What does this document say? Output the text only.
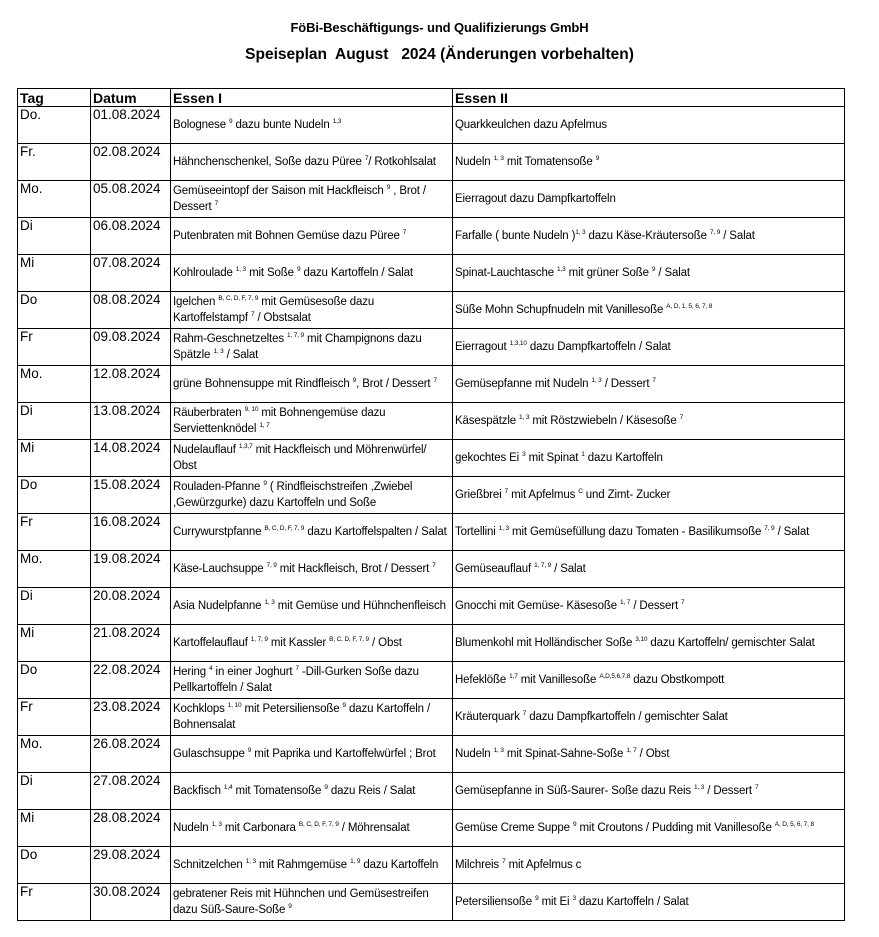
FöBi-Beschäftigungs- und Qualifizierungs GmbH
Speiseplan  August   2024 (Änderungen vorbehalten)
Tag	Datum	Essen I	Essen II
Do.	01.08.2024	Bolognese $^9$ dazu bunte Nudeln $^{1,3}$	Quarkkeulchen dazu Apfelmus
Fr.	02.08.2024	Hähnchenschenkel, Soße dazu Püree $^7$/ Rotkohlsalat	Nudeln $^{1, 3}$ mit Tomatensoße $^9$
Mo.	05.08.2024	Gemüseeintopf der Saison mit Hackfleisch $^9$ , Brot / Dessert $^7$	Eierragout dazu Dampfkartoffeln
Di	06.08.2024	Putenbraten mit Bohnen Gemüse dazu Püree $^7$	Farfalle ( bunte Nudeln )$^{1, 3}$ dazu Käse-Kräutersoße $^{7, 9}$ / Salat
Mi	07.08.2024	Kohlroulade $^{1, 3}$ mit Soße $^9$ dazu Kartoffeln / Salat	Spinat-Lauchtasche $^{1,3}$ mit grüner Soße $^9$ / Salat
Do	08.08.2024	Igelchen $^{B, C, D, F, 7, 9}$ mit Gemüsesoße dazu Kartoffelstampf $^7$ / Obstsalat	Süße Mohn Schupfnudeln mit Vanillesoße $^{A, D, 1, 5, 6, 7, 8}$
Fr	09.08.2024	Rahm-Geschnetzeltes $^{1, 7, 9}$ mit Champignons dazu Spätzle $^{1, 3}$ / Salat	Eierragout $^{1,3,10}$ dazu Dampfkartoffeln / Salat
Mo.	12.08.2024	grüne Bohnensuppe mit Rindfleisch $^9$, Brot / Dessert $^7$	Gemüsepfanne mit Nudeln $^{1, 3}$ / Dessert $^7$
Di	13.08.2024	Räuberbraten $^{9, 10}$ mit Bohnengemüse dazu Serviettenknödel $^{1, 7}$	Käsespätzle $^{1, 3}$ mit Röstzwiebeln / Käsesoße $^7$
Mi	14.08.2024	Nudelauflauf $^{1,3,7}$ mit Hackfleisch und Möhrenwürfel/ Obst	gekochtes Ei $^3$ mit Spinat $^1$ dazu Kartoffeln
Do	15.08.2024	Rouladen-Pfanne $^9$ ( Rindfleischstreifen ,Zwiebel ,Gewürzgurke) dazu Kartoffeln und Soße	Grießbrei $^7$ mit Apfelmus $^C$ und Zimt- Zucker
Fr	16.08.2024	Currywurstpfanne $^{B, C, D, F, 7, 9}$ dazu Kartoffelspalten / Salat	Tortellini $^{1, 3}$ mit Gemüsefüllung dazu Tomaten - Basilikumsoße $^{7, 9}$ / Salat
Mo.	19.08.2024	Käse-Lauchsuppe $^{7, 9}$ mit Hackfleisch, Brot / Dessert $^7$	Gemüseauflauf $^{1, 7, 9}$ / Salat
Di	20.08.2024	Asia Nudelpfanne $^{1, 3}$ mit Gemüse und Hühnchenfleisch	Gnocchi mit Gemüse- Käsesoße $^{1, 7}$ / Dessert $^7$
Mi	21.08.2024	Kartoffelauflauf $^{1, 7, 9}$ mit Kassler $^{B, C, D, F, 7, 9}$ / Obst	Blumenkohl mit Holländischer Soße $^{3,10}$ dazu Kartoffeln/ gemischter Salat
Do	22.08.2024	Hering $^4$ in einer Joghurt $^7$ -Dill-Gurken Soße dazu Pellkartoffeln / Salat	Hefeklöße $^{1,7}$ mit Vanillesoße $^{A,D,5,6,7,8}$ dazu Obstkompott
Fr	23.08.2024	Kochklops $^{1, 10}$ mit Petersiliensoße $^9$ dazu Kartoffeln / Bohnensalat	Kräuterquark $^7$ dazu Dampfkartoffeln / gemischter Salat
Mo.	26.08.2024	Gulaschsuppe $^9$ mit Paprika und Kartoffelwürfel ; Brot	Nudeln $^{1, 3}$ mit Spinat-Sahne-Soße $^{1, 7}$ / Obst
Di	27.08.2024	Backfisch $^{1,4}$ mit Tomatensoße $^9$ dazu Reis / Salat	Gemüsepfanne in Süß-Saurer- Soße dazu Reis $^{1, 3}$ / Dessert $^7$
Mi	28.08.2024	Nudeln $^{1, 3}$ mit Carbonara $^{B, C, D, F, 7, 9}$ / Möhrensalat	Gemüse Creme Suppe $^9$ mit Croutons / Pudding mit Vanillesoße $^{A, D, 5, 6, 7, 8}$
Do	29.08.2024	Schnitzelchen $^{1, 3}$ mit Rahmgemüse $^{1, 9}$ dazu Kartoffeln	Milchreis $^7$ mit Apfelmus c
Fr	30.08.2024	gebratener Reis mit Hühnchen und Gemüsestreifen dazu Süß-Saure-Soße $^9$	Petersiliensoße $^9$ mit Ei $^3$ dazu Kartoffeln / Salat
